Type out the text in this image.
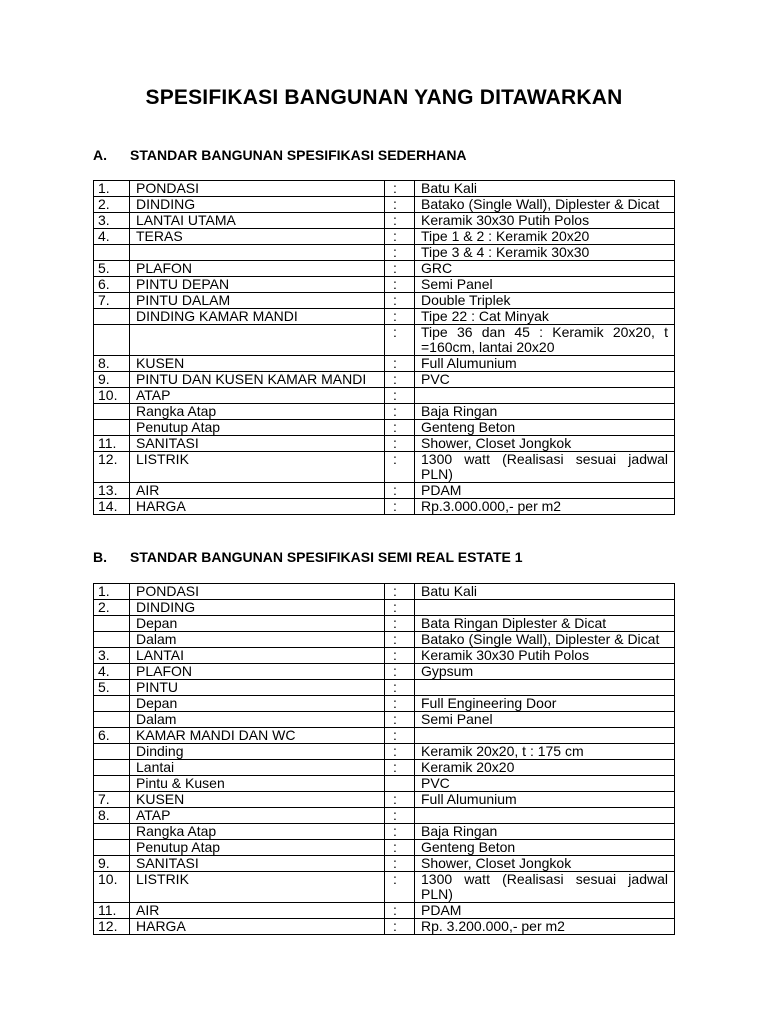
SPESIFIKASI BANGUNAN YANG DITAWARKAN
A. STANDAR BANGUNAN SPESIFIKASI SEDERHANA
1.	PONDASI	:	Batu Kali
2.	DINDING	:	Batako (Single Wall), Diplester & Dicat
3.	LANTAI UTAMA	:	Keramik 30x30 Putih Polos
4.	TERAS	:	Tipe 1 & 2 : Keramik 20x20
		:	Tipe 3 & 4 : Keramik 30x30
5.	PLAFON	:	GRC
6.	PINTU DEPAN	:	Semi Panel
7.	PINTU DALAM	:	Double Triplek
	DINDING KAMAR MANDI	:	Tipe 22 : Cat Minyak
		:	Tipe 36 dan 45 : Keramik 20x20, t =160cm, lantai 20x20
8.	KUSEN	:	Full Alumunium
9.	PINTU DAN KUSEN KAMAR MANDI	:	PVC
10.	ATAP	:	
	Rangka Atap	:	Baja Ringan
	Penutup Atap	:	Genteng Beton
11.	SANITASI	:	Shower, Closet Jongkok
12.	LISTRIK	:	1300 watt (Realisasi sesuai jadwal PLN)
13.	AIR	:	PDAM
14.	HARGA	:	Rp.3.000.000,- per m2
B. STANDAR BANGUNAN SPESIFIKASI SEMI REAL ESTATE 1
1.	PONDASI	:	Batu Kali
2.	DINDING	:	
	Depan	:	Bata Ringan Diplester & Dicat
	Dalam	:	Batako (Single Wall), Diplester & Dicat
3.	LANTAI	:	Keramik 30x30 Putih Polos
4.	PLAFON	:	Gypsum
5.	PINTU	:	
	Depan	:	Full Engineering Door
	Dalam	:	Semi Panel
6.	KAMAR MANDI DAN WC	:	
	Dinding	:	Keramik 20x20, t : 175 cm
	Lantai	:	Keramik 20x20
	Pintu & Kusen		PVC
7.	KUSEN	:	Full Alumunium
8.	ATAP	:	
	Rangka Atap	:	Baja Ringan
	Penutup Atap	:	Genteng Beton
9.	SANITASI	:	Shower, Closet Jongkok
10.	LISTRIK	:	1300 watt (Realisasi sesuai jadwal PLN)
11.	AIR	:	PDAM
12.	HARGA	:	Rp. 3.200.000,- per m2
